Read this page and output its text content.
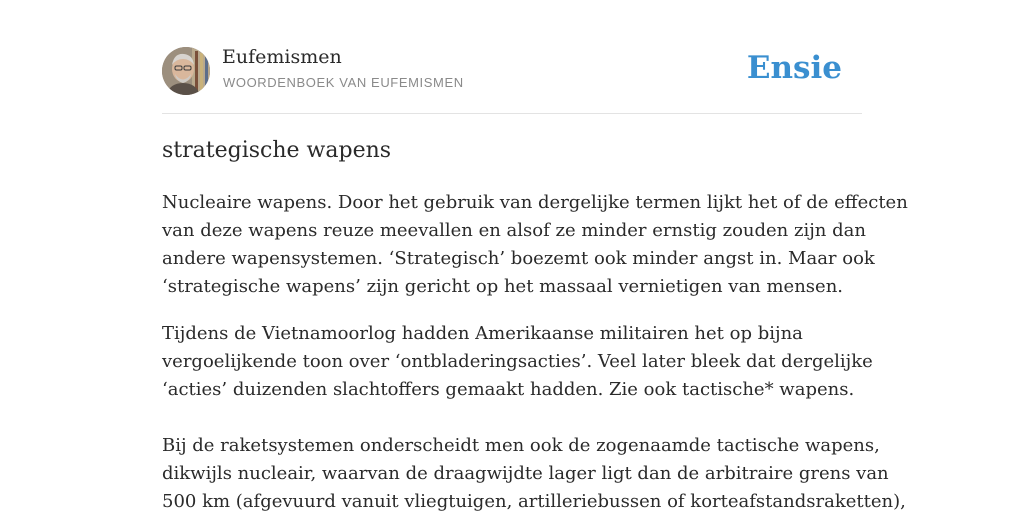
Eufemismen
WOORDENBOEK VAN EUFEMISMEN	Ensie
strategische wapens

Nucleaire wapens. Door het gebruik van dergelijke termen lijkt het of de effecten

van deze wapens reuze meevallen en alsof ze minder ernstig zouden zijn dan

andere wapensystemen. ‘Strategisch’ boezemt ook minder angst in. Maar ook

‘strategische wapens’ zijn gericht op het massaal vernietigen van mensen.

Tijdens de Vietnamoorlog hadden Amerikaanse militairen het op bijna

vergoelijkende toon over ‘ontbladeringsacties’. Veel later bleek dat dergelijke

‘acties’ duizenden slachtoffers gemaakt hadden. Zie ook tactische* wapens.

Bij de raketsystemen onderscheidt men ook de zogenaamde tactische wapens,

dikwijls nucleair, waarvan de draagwijdte lager ligt dan de arbitraire grens van

500 km (afgevuurd vanuit vliegtuigen, artilleriebussen of korteafstandsraketten),
